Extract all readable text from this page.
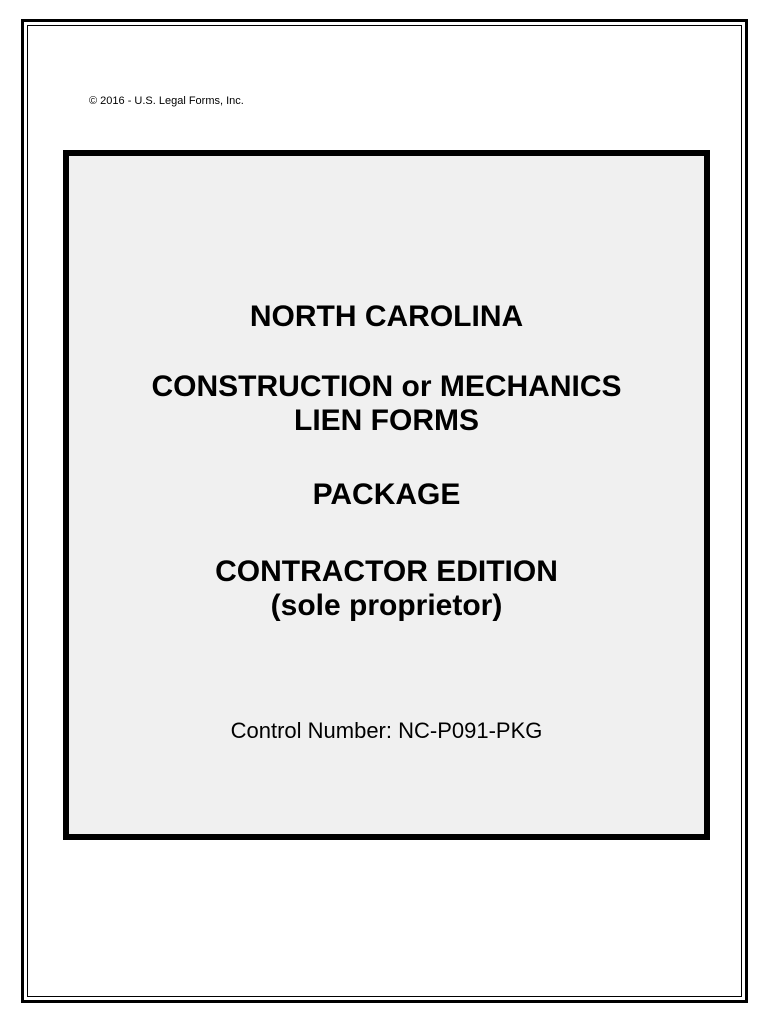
© 2016 - U.S. Legal Forms, Inc.
NORTH CAROLINA
CONSTRUCTION or MECHANICS
LIEN FORMS
PACKAGE
CONTRACTOR EDITION
(sole proprietor)
Control Number: NC-P091-PKG
